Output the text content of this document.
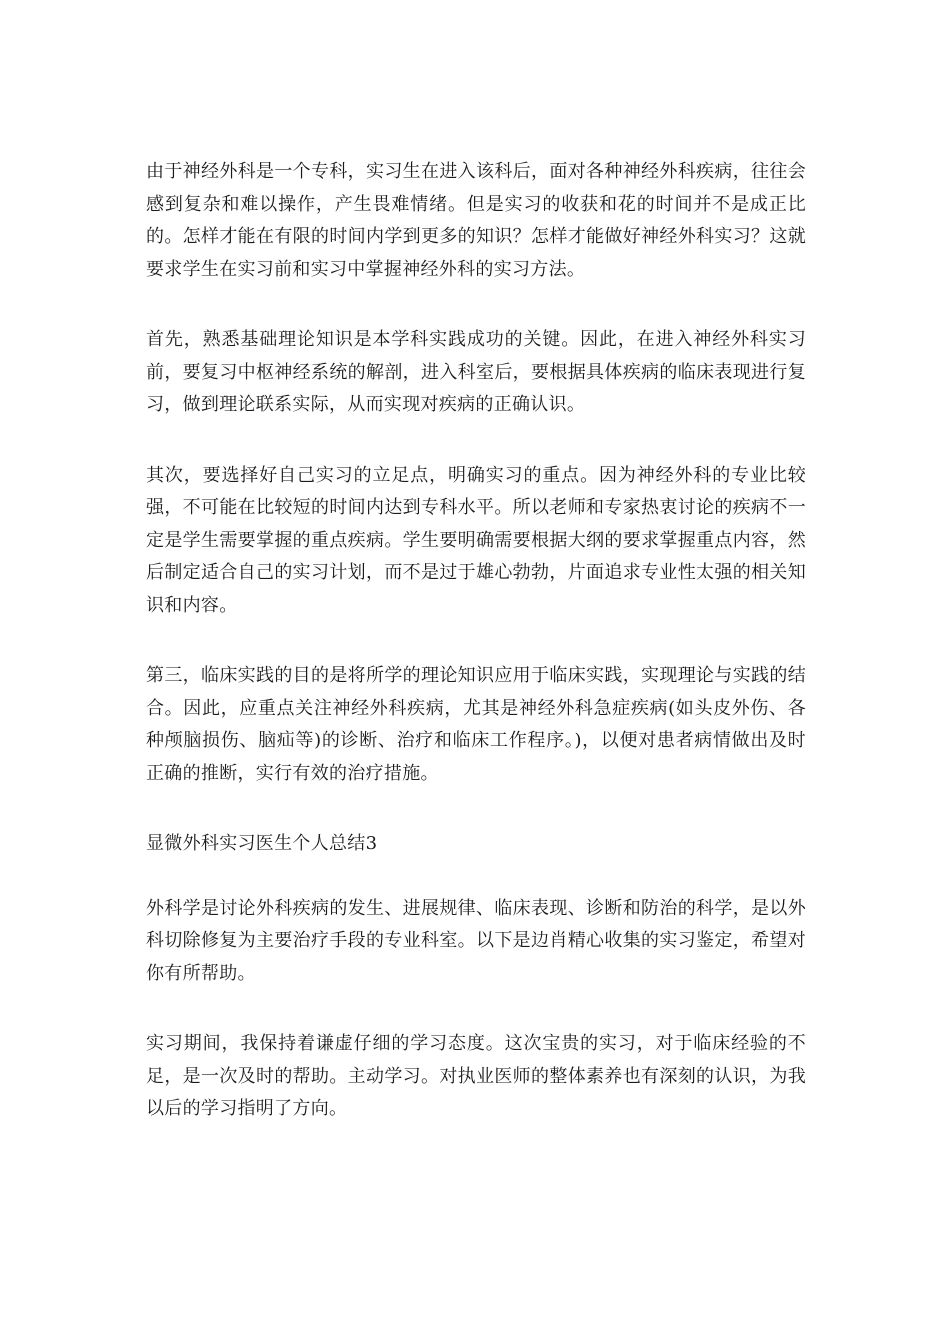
由于神经外科是一个专科，实习生在进入该科后，面对各种神经外科疾病，往往会感到复杂和难以操作，产生畏难情绪。但是实习的收获和花的时间并不是成正比的。怎样才能在有限的时间内学到更多的知识？怎样才能做好神经外科实习？这就要求学生在实习前和实习中掌握神经外科的实习方法。

首先，熟悉基础理论知识是本学科实践成功的关键。因此，在进入神经外科实习前，要复习中枢神经系统的解剖，进入科室后，要根据具体疾病的临床表现进行复习，做到理论联系实际，从而实现对疾病的正确认识。

其次，要选择好自己实习的立足点，明确实习的重点。因为神经外科的专业比较强，不可能在比较短的时间内达到专科水平。所以老师和专家热衷讨论的疾病不一定是学生需要掌握的重点疾病。学生要明确需要根据大纲的要求掌握重点内容，然后制定适合自己的实习计划，而不是过于雄心勃勃，片面追求专业性太强的相关知识和内容。

第三，临床实践的目的是将所学的理论知识应用于临床实践，实现理论与实践的结合。因此，应重点关注神经外科疾病，尤其是神经外科急症疾病(如头皮外伤、各种颅脑损伤、脑疝等)的诊断、治疗和临床工作程序。)，以便对患者病情做出及时正确的推断，实行有效的治疗措施。

显微外科实习医生个人总结3

外科学是讨论外科疾病的发生、进展规律、临床表现、诊断和防治的科学，是以外科切除修复为主要治疗手段的专业科室。以下是边肖精心收集的实习鉴定，希望对你有所帮助。

实习期间，我保持着谦虚仔细的学习态度。这次宝贵的实习，对于临床经验的不足，是一次及时的帮助。主动学习。对执业医师的整体素养也有深刻的认识，为我以后的学习指明了方向。
